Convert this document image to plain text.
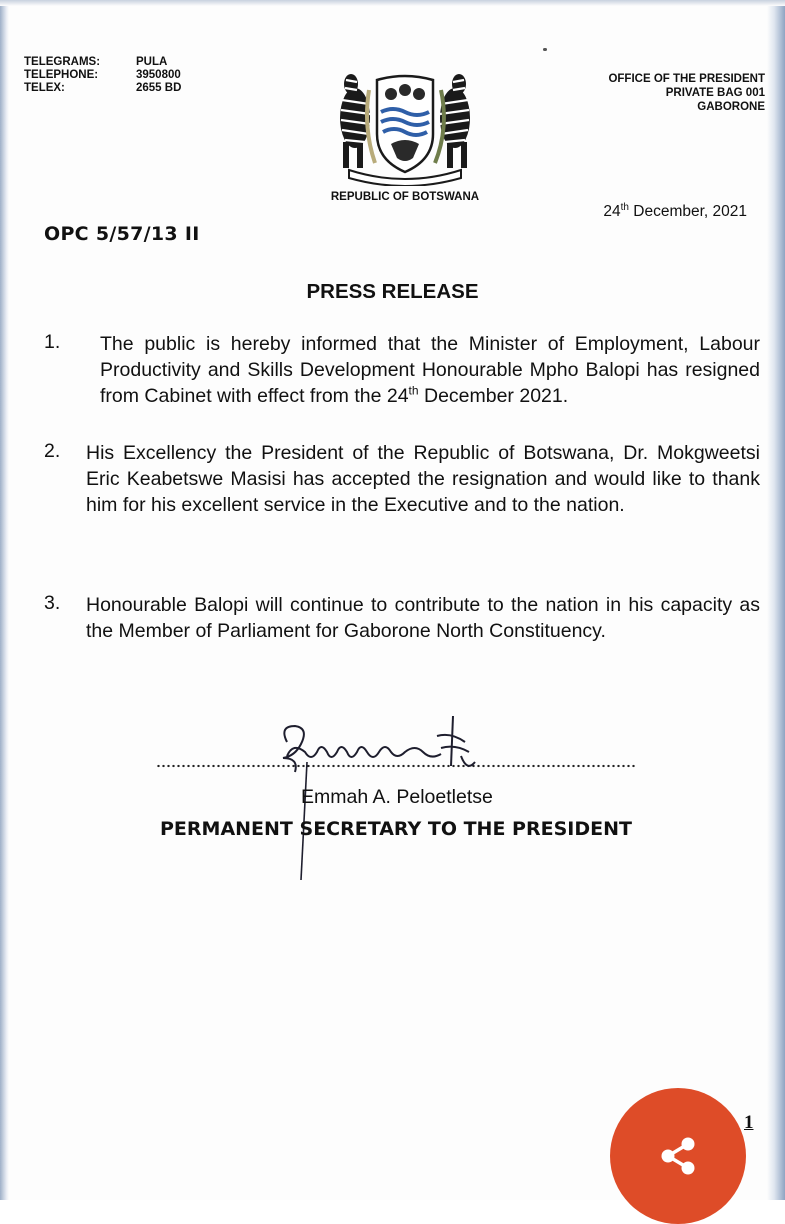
TELEGRAMS:	PULA
TELEPHONE:	3950800
TELEX:	2655 BD
OFFICE OF THE PRESIDENT
PRIVATE BAG 001
GABORONE
REPUBLIC OF BOTSWANA
24th December, 2021
OPC 5/57/13 II
PRESS RELEASE
1. The public is hereby informed that the Minister of Employment, Labour Productivity and Skills Development Honourable Mpho Balopi has resigned from Cabinet with effect from the 24th December 2021.
2. His Excellency the President of the Republic of Botswana, Dr. Mokgweetsi Eric Keabetswe Masisi has accepted the resignation and would like to thank him for his excellent service in the Executive and to the nation.
3. Honourable Balopi will continue to contribute to the nation in his capacity as the Member of Parliament for Gaborone North Constituency.
Emmah A. Peloetletse
PERMANENT SECRETARY TO THE PRESIDENT
1
